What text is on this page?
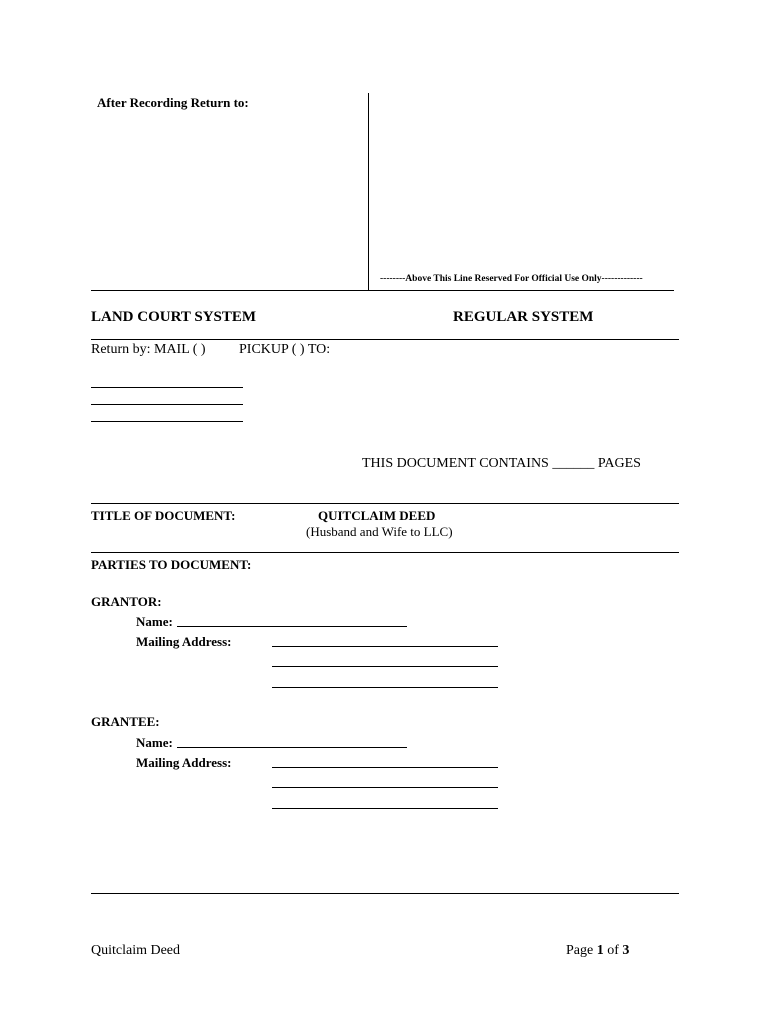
After Recording Return to:
--------Above This Line Reserved For Official Use Only-------------
LAND COURT SYSTEM	REGULAR SYSTEM
Return by: MAIL ( ) PICKUP ( ) TO:
THIS DOCUMENT CONTAINS ______ PAGES
TITLE OF DOCUMENT:	QUITCLAIM DEED
(Husband and Wife to LLC)
PARTIES TO DOCUMENT:
GRANTOR:
Name:
Mailing Address:
GRANTEE:
Name:
Mailing Address:
Quitclaim Deed	Page 1 of 3
